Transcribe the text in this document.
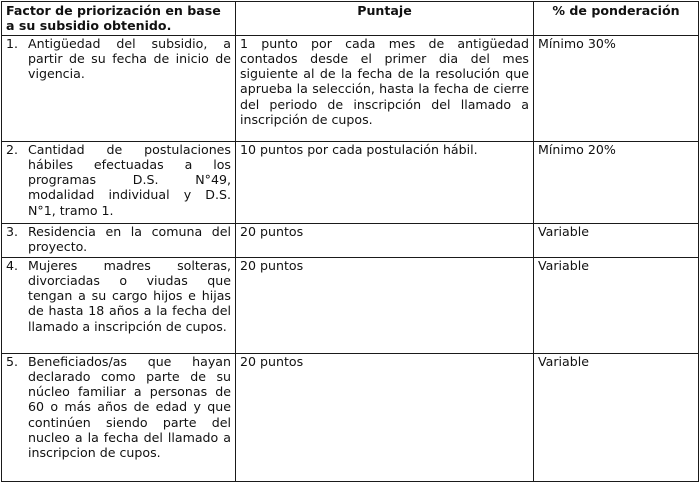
Factor de priorización en base a su subsidio obtenido.	Puntaje	% de ponderación

1. Antigüedad del subsidio, a partir de su fecha de inicio de vigencia.	1 punto por cada mes de antigüedad contados desde el primer dia del mes siguiente al de la fecha de la resolución que aprueba la selección, hasta la fecha de cierre del periodo de inscripción del llamado a inscripción de cupos.	Mínimo 30%

2. Cantidad de postulaciones hábiles efectuadas a los programas D.S. N°49, modalidad individual y D.S. N°1, tramo 1.	10 puntos por cada postulación hábil.	Mínimo 20%

3. Residencia en la comuna del proyecto.	20 puntos	Variable

4. Mujeres madres solteras, divorciadas o viudas que tengan a su cargo hijos e hijas de hasta 18 años a la fecha del llamado a inscripción de cupos.	20 puntos	Variable

5. Beneficiados/as que hayan declarado como parte de su núcleo familiar a personas de 60 o más años de edad y que continúen siendo parte del nucleo a la fecha del llamado a inscripcion de cupos.	20 puntos	Variable
